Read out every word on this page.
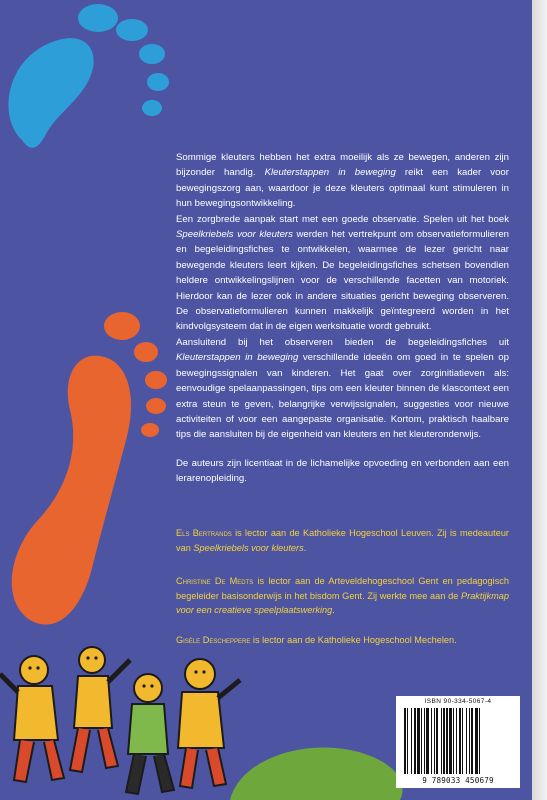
Sommige kleuters hebben het extra moeilijk als ze bewegen, anderen zijn bijzonder handig. Kleuterstappen in beweging reikt een kader voor bewegingszorg aan, waardoor je deze kleuters optimaal kunt stimuleren in hun bewegingsontwikkeling.

Een zorgbrede aanpak start met een goede observatie. Spelen uit het boek Speelkriebels voor kleuters werden het vertrekpunt om observatieformulieren en begeleidingsfiches te ontwikkelen, waarmee de lezer gericht naar bewegende kleuters leert kijken. De begeleidingsfiches schetsen bovendien heldere ontwikkelingslijnen voor de verschillende facetten van motoriek. Hierdoor kan de lezer ook in andere situaties gericht beweging observeren. De observatieformulieren kunnen makkelijk geïntegreerd worden in het kindvolgsysteem dat in de eigen werksituatie wordt gebruikt.

Aansluitend bij het observeren bieden de begeleidingsfiches uit Kleuterstappen in beweging verschillende ideeën om goed in te spelen op bewegingssignalen van kinderen. Het gaat over zorginitiatieven als: eenvoudige spelaanpassingen, tips om een kleuter binnen de klascontext een extra steun te geven, belangrijke verwijssignalen, suggesties voor nieuwe activiteiten of voor een aangepaste organisatie. Kortom, praktisch haalbare tips die aansluiten bij de eigenheid van kleuters en het kleuteronderwijs.

De auteurs zijn licentiaat in de lichamelijke opvoeding en verbonden aan een lerarenopleiding.

Els Bertrands is lector aan de Katholieke Hogeschool Leuven. Zij is medeauteur van Speelkriebels voor kleuters.
Christine De Medts is lector aan de Arteveldehogeschool Gent en pedagogisch begeleider basisonderwijs in het bisdom Gent. Zij werkte mee aan de Praktijkmap voor een creatieve speelplaatswerking.
Gisèle Descheppere is lector aan de Katholieke Hogeschool Mechelen.
ISBN 90-334-5067-4
9 789033 450679
